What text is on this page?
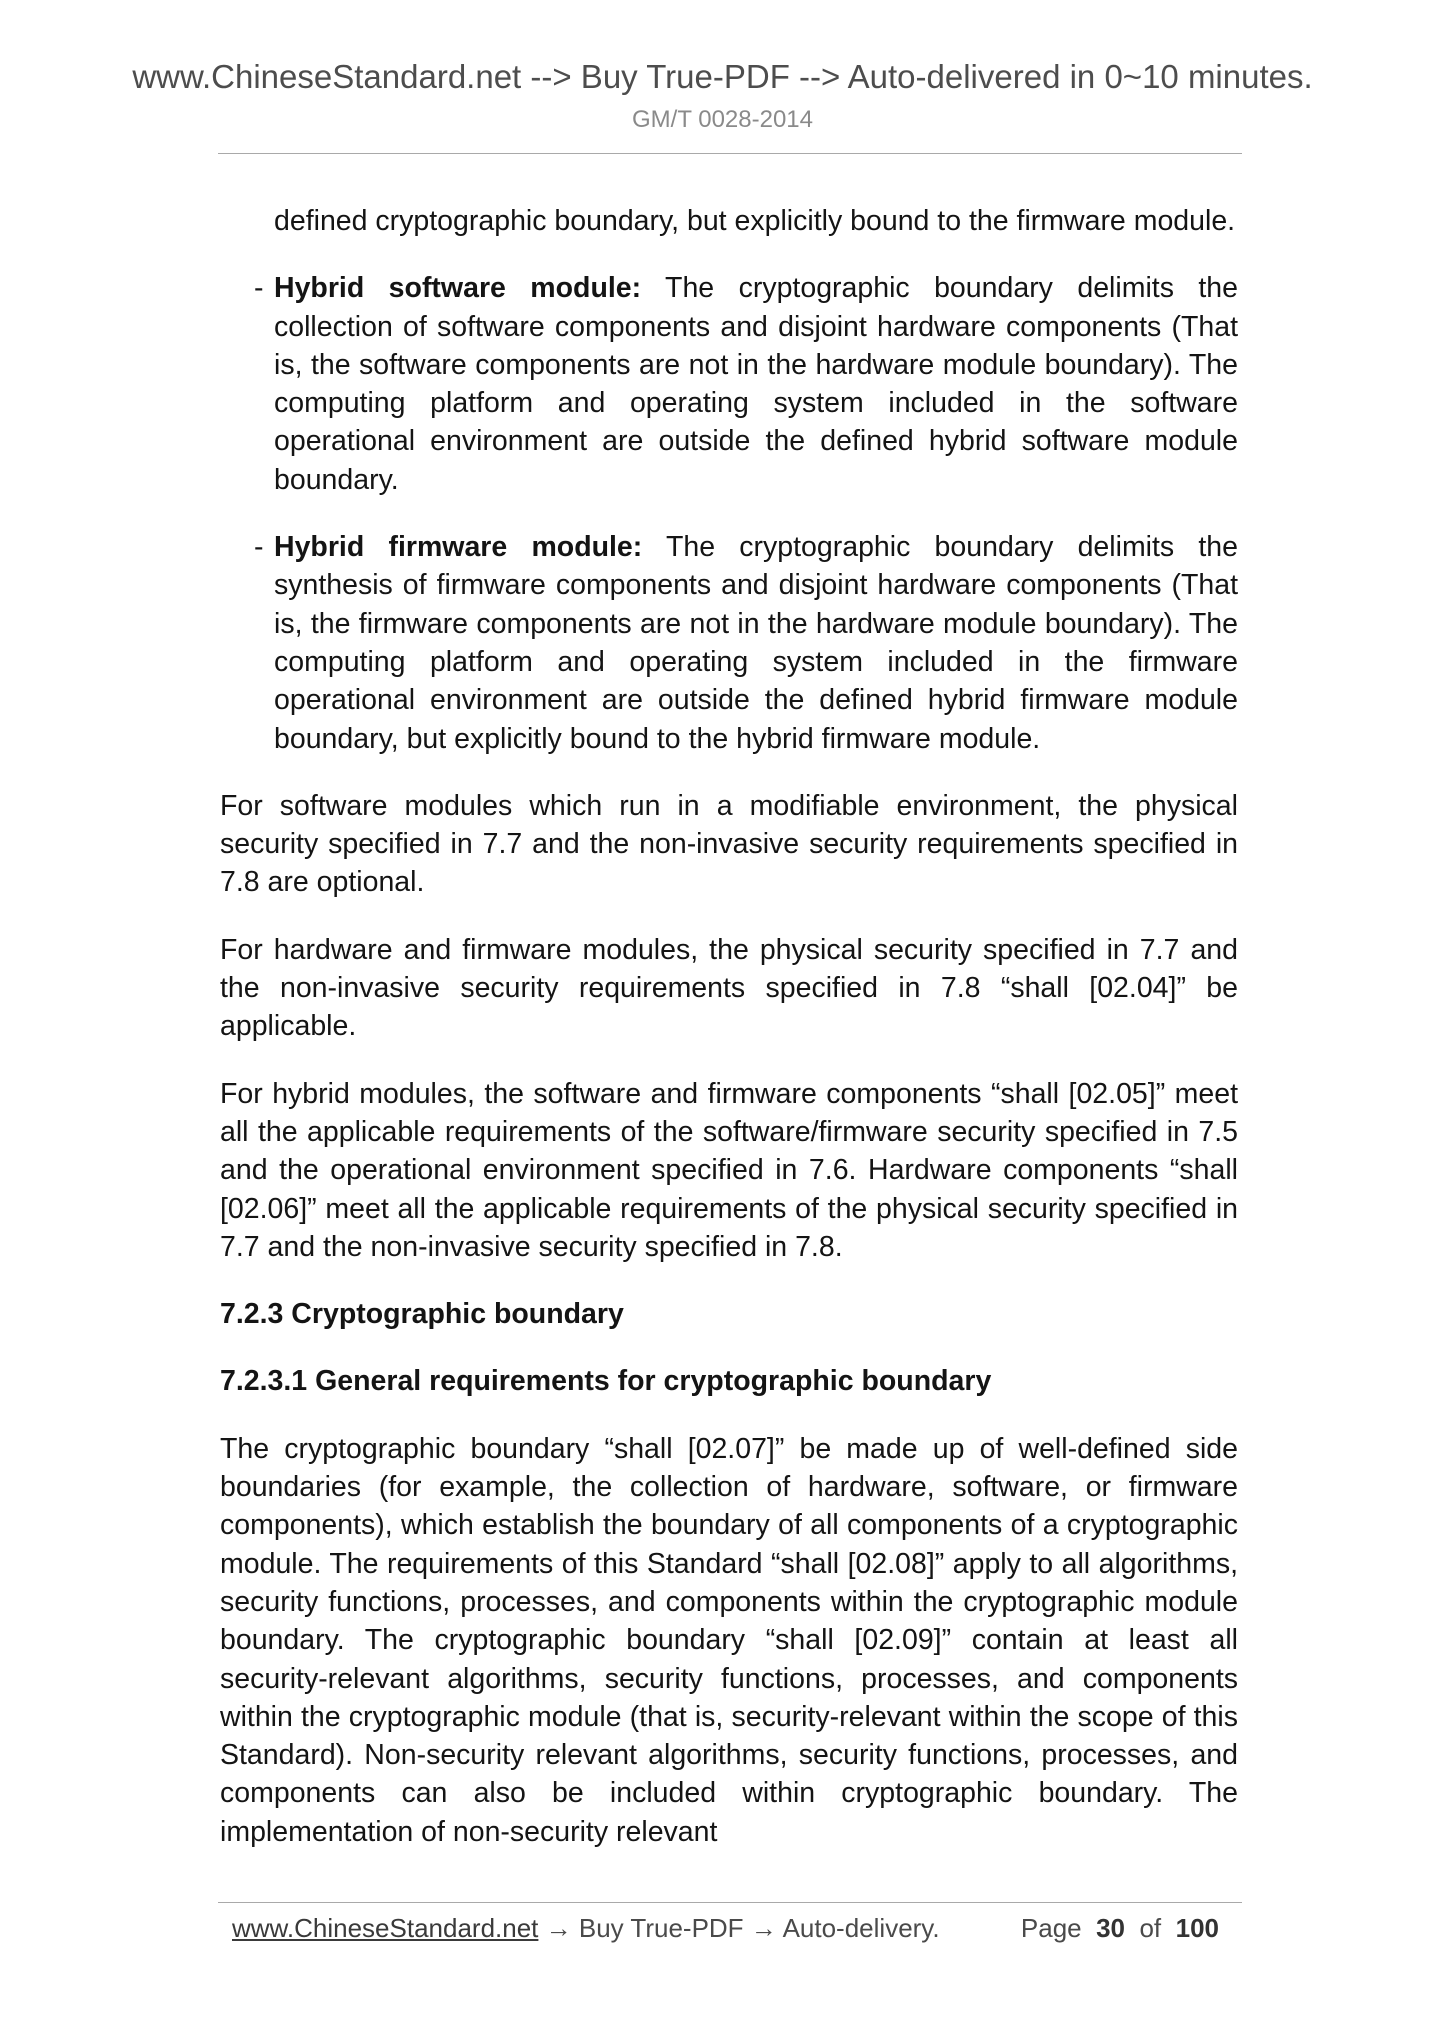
www.ChineseStandard.net --> Buy True-PDF --> Auto-delivered in 0~10 minutes.
GM/T 0028-2014

defined cryptographic boundary, but explicitly bound to the firmware module.

- Hybrid software module: The cryptographic boundary delimits the collection of software components and disjoint hardware components (That is, the software components are not in the hardware module boundary). The computing platform and operating system included in the software operational environment are outside the defined hybrid software module boundary.

- Hybrid firmware module: The cryptographic boundary delimits the synthesis of firmware components and disjoint hardware components (That is, the firmware components are not in the hardware module boundary). The computing platform and operating system included in the firmware operational environment are outside the defined hybrid firmware module boundary, but explicitly bound to the hybrid firmware module.

For software modules which run in a modifiable environment, the physical security specified in 7.7 and the non-invasive security requirements specified in 7.8 are optional.

For hardware and firmware modules, the physical security specified in 7.7 and the non-invasive security requirements specified in 7.8 “shall [02.04]” be applicable.

For hybrid modules, the software and firmware components “shall [02.05]” meet all the applicable requirements of the software/firmware security specified in 7.5 and the operational environment specified in 7.6. Hardware components “shall [02.06]” meet all the applicable requirements of the physical security specified in 7.7 and the non-invasive security specified in 7.8.

7.2.3 Cryptographic boundary
7.2.3.1 General requirements for cryptographic boundary

The cryptographic boundary “shall [02.07]” be made up of well-defined side boundaries (for example, the collection of hardware, software, or firmware components), which establish the boundary of all components of a cryptographic module. The requirements of this Standard “shall [02.08]” apply to all algorithms, security functions, processes, and components within the cryptographic module boundary. The cryptographic boundary “shall [02.09]” contain at least all security-relevant algorithms, security functions, processes, and components within the cryptographic module (that is, security-relevant within the scope of this Standard). Non-security relevant algorithms, security functions, processes, and components can also be included within cryptographic boundary. The implementation of non-security relevant

www.ChineseStandard.net → Buy True-PDF → Auto-delivery.	Page 30 of 100
